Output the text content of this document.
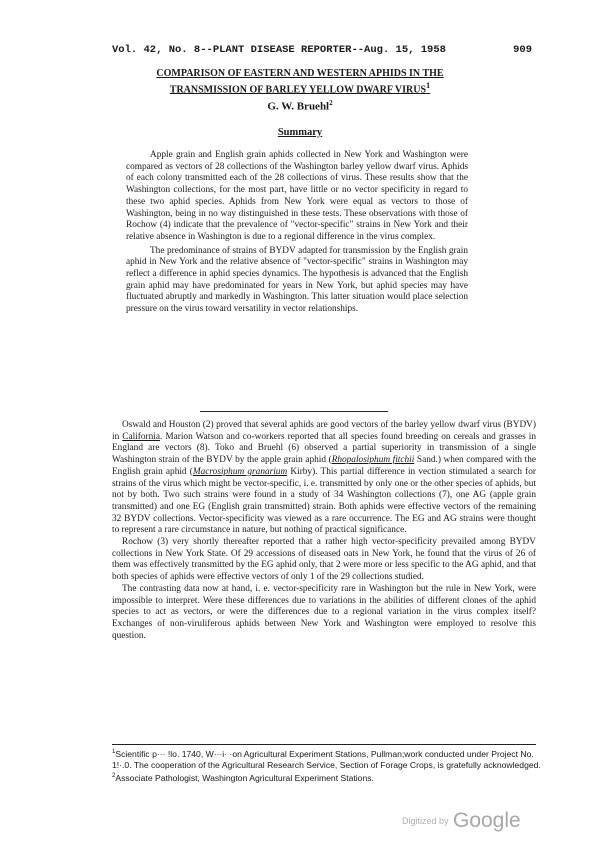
Vol. 42, No. 8--PLANT DISEASE REPORTER--Aug. 15, 1958	909
COMPARISON OF EASTERN AND WESTERN APHIDS IN THE
TRANSMISSION OF BARLEY YELLOW DWARF VIRUS$^1$
G. W. Bruehl$^2$
Summary

Apple grain and English grain aphids collected in New York and Washington were compared as vectors of 28 collections of the Washington barley yellow dwarf virus. Aphids of each colony transmitted each of the 28 collections of virus. These results show that the Washington collections, for the most part, have little or no vector specificity in regard to these two aphid species. Aphids from New York were equal as vectors to those of Washington, being in no way distinguished in these tests. These observations with those of Rochow (4) indicate that the prevalence of "vector-specific" strains in New York and their relative absence in Washington is due to a regional difference in the virus complex.

The predominance of strains of BYDV adapted for transmission by the English grain aphid in New York and the relative absence of "vector-specific" strains in Washington may reflect a difference in aphid species dynamics. The hypothesis is advanced that the English grain aphid may have predominated for years in New York, but aphid species may have fluctuated abruptly and markedly in Washington. This latter situation would place selection pressure on the virus toward versatility in vector relationships.

Oswald and Houston (2) proved that several aphids are good vectors of the barley yellow dwarf virus (BYDV) in California. Marion Watson and co-workers reported that all species found breeding on cereals and grasses in England are vectors (8). Toko and Bruehl (6) observed a partial superiority in transmission of a single Washington strain of the BYDV by the apple grain aphid (Rhopalosiphum fitchii Sand.) when compared with the English grain aphid (Macrosiphum granarium Kirby). This partial difference in vection stimulated a search for strains of the virus which might be vector-specific, i. e. transmitted by only one or the other species of aphids, but not by both. Two such strains were found in a study of 34 Washington collections (7), one AG (apple grain transmitted) and one EG (English grain transmitted) strain. Both aphids were effective vectors of the remaining 32 BYDV collections. Vector-specificity was viewed as a rare occurrence. The EG and AG strains were thought to represent a rare circumstance in nature, but nothing of practical significance.

Rochow (3) very shortly thereafter reported that a rather high vector-specificity prevailed among BYDV collections in New York State. Of 29 accessions of diseased oats in New York, he found that the virus of 26 of them was effectively transmitted by the EG aphid only, that 2 were more or less specific to the AG aphid, and that both species of aphids were effective vectors of only 1 of the 29 collections studied.

The contrasting data now at hand, i. e. vector-specificity rare in Washington but the rule in New York, were impossible to interpret. Were these differences due to variations in the abilities of different clones of the aphid species to act as vectors, or were the differences due to a regional variation in the virus complex itself? Exchanges of non-viruliferous aphids between New York and Washington were employed to resolve this question.

$^1$Scientific p··· !lo. 1740, W···i· ·on Agricultural Experiment Stations, Pullman;work conducted under Project No. 1!·.0. The cooperation of the Agricultural Research Service, Section of Forage Crops, is gratefully acknowledged.
$^2$Associate Pathologist, Washington Agricultural Experiment Stations.
Digitized by Google
